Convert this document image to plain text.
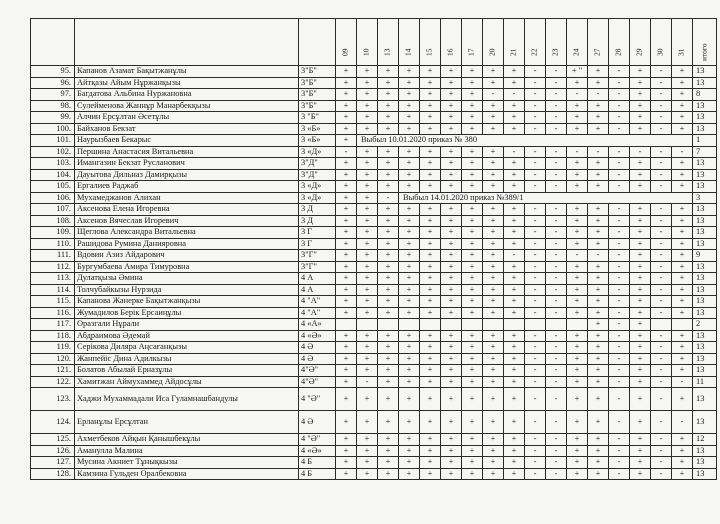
			09	10	13	14	15	16	17	20	21	22	23	24	27	28	29	30	31	итого
95.	Капанов Азамат Бақытжанұлы	3"Б"	+	+	+	+	+	+	+	+	+	-	-	+ "	+	-	+	-	+	13
96.	Айтқазы Айым Нұржанқызы	3"Б"	+	+	+	+	+	+	+	+	+	-	-	+	+	-	+	-	+	13
97.	Багдатова Альбина Нуржановна	3"Б"	+	+	+	+	+	+	+	-	-	-	-	-	-	-	+	-	+	8
98.	Сулейменова Жаннұр Манарбекқызы	3"Б"	+	+	+	+	+	+	+	+	+	-	-	+	+	-	+	-	+	13
99.	Алчин Ерсұлтан Әсетұлы	3 "Б"	+	+	+	+	+	+	+	+	+	-	-	+	+	-	+	-	+	13
100.	Байханов Бекзат	3 «Б»	+	+	+	+	+	+	+	+	+	-	-	+	+	-	+	-	+	13
101.	Наурызбаев Бекарыс	3 «Б»	+	Выбыл 10.01.2020 приказ № 380																1
102.	Першина Анастасия Витальевна	3 «Д»	-	+	+	+	+	+	+	+	-	-	-	-	-	-	-	-	-	7
103.	Имангазин Бекзат Русланович	3"Д"	+	+	+	+	+	+	+	+	+	-	-	+	+	-	+	-	+	13
104.	Дауытова Дильназ Дамирқызы	3"Д"	+	+	+	+	+	+	+	+	+	-	-	+	+	-	+	-	+	13
105.	Ергалиев Раджаб	3 «Д»	+	+	+	+	+	+	+	+	+	-	-	+	+	-	+	-	+	13
106.	Мухамеджанов Алихан	3 «Д»	+	+	-	Выбыл 14.01.2020 приказ №389/1														3
107.	Аксенова Елена Игоревна	3 Д	+	+	+	+	+	+	+	+	+	-	-	+	+	-	+	-	+	13
108.	Аксенов Вячеслав Игоревич	3 Д	+	+	+	+	+	+	+	+	+	-	-	+	+	-	+	-	+	13
109.	Щеглова Александра Витальевна	3 Г	+	+	+	+	+	+	+	+	+	-	-	+	+	-	+	-	+	13
110.	Рашидова Румина Данияровна	3 Г	+	+	+	+	+	+	+	+	+	-	-	+	+	-	+	-	+	13
111.	Вдовин Азиз Айдарович	3"Г"	+	+	+	+	+	+	+	+	-	-	-	-	-	-	+	-	+	9
112.	Бургумбаева Амира Тимуровна	3"Г"	+	+	+	+	+	+	+	+	+	-	-	+	+	-	+	-	+	13
113.	Дулатқызы Әмина	4 А	+	+	+	+	+	+	+	+	+	-	-	+	+	-	+	-	+	13
114.	Толчубайкызы Нурзида	4 А	+	+	+	+	+	+	+	+	+	-	-	+	+	-	+	-	+	13
115.	Капанова Жанерке Бақытжанқызы	4 "А"	+	+	+	+	+	+	+	+	+	-	-	+	+	-	+	-	+	13
116.	Жумадилов Берік Ерсаиңұлы	4 "А"	+	+	+	+	+	+	+	+	+	-	-	+	+	-	+	-	+	13
117.	Оразгали Нұрали	4 «А»													+	-	+			2
118.	Абдраимова Әдемай	4 «Ә»	+	+	+	+	+	+	+	+	+	-	-	+	+	-	+	-	+	13
119.	Серікова Диляра Аңсағанқызы	4 Ә	+	+	+	+	+	+	+	+	+	-	-	+	+	-	+	-	+	13
120.	Жанпейіс Дина Адилкызы	4 Ә	+	+	+	+	+	+	+	+	+	-	-	+	+	-	+	-	+	13
121.	Болатов Абылай Ерназұлы	4"Ә"	+	+	+	+	+	+	+	+	+	-	-	+	+	-	+	-	+	13
122.	Хамитжан Аймухаммед Айдосұлы	4"Ә"	+	-	+	+	+	+	+	+	+	-	-	+	+	-	+	-	-	11
123.	Хаджи Мухаммадали Иса Гуламнашбандулы	4 "Ә"	+	+	+	+	+	+	+	+	+	-	-	+	+	-	+	-	+	13
124.	Ерланұлы Ерсұлтан	4 Ә	+	+	+	+	+	+	+	+	+	-	-	+	+	-	+	-	-	13
125.	Ахметбеков Айқын Қанышбекұлы	4 "Ә"	+	+	+	+	+	+	+	+	+	-	-	+	+	-	+	-	+	12
126.	Аманулла Малина	4 «Ә»	+	+	+	+	+	+	+	+	+	-	-	+	+	-	+	-	+	13
127.	Мусина Акниет Тұнықкызы	4 Б	+	+	+	+	+	+	+	+	+	-	-	+	+	-	+	-	+	13
128.	Камзина Гульден Оралбековна	4 Б	+	+	+	+	+	+	+	+	+	-	-	+	+	-	+	-	+	13
